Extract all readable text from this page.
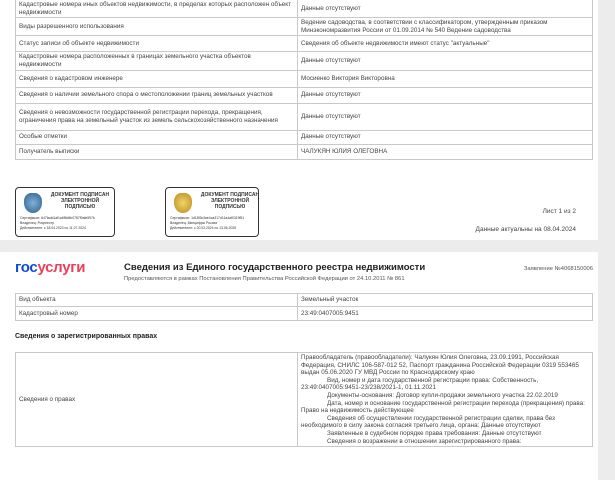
Кадастровые номера иных объектов недвижимости, в пределах которых расположен объект недвижимости	Данные отсутствуют
Виды разрешенного использования	Ведение садоводства, в соответствии с классификатором, утвержденным приказом Минэкономразвития России от 01.09.2014 № 540 Ведение садоводства
Статус записи об объекте недвижимости	Сведения об объекте недвижимости имеют статус "актуальные"
Кадастровые номера расположенных в границах земельного участка объектов недвижимости	Данные отсутствуют
Сведения о кадастровом инженере	Мосиенко Виктория Викторовна
Сведения о наличии земельного спора о местоположении границ земельных участков	Данные отсутствуют
Сведения о невозможности государственной регистрации перехода, прекращения, ограничения права на земельный участок из земель сельскохозяйственного назначения	Данные отсутствуют
Особые отметки	Данные отсутствуют
Получатель выписки	ЧАЛУКЯН ЮЛИЯ ОЛЕГОВНА
ДОКУМЕНТ ПОДПИСАН ЭЛЕКТРОННОЙ ПОДПИСЬЮ
Сертификат: 647fadd1af1a6f5d6b0787f9afe597b
Владелец: Росреестр
Действителен: с 18.04.2023 по 11.07.2024
ДОКУМЕНТ ПОДПИСАН ЭЛЕКТРОННОЙ ПОДПИСЬЮ
Сертификат: 1d18f3c3ae4ca317d11a4af0319f51
Владелец: Минцифры России
Действителен: с 20.03.2024 по 13.06.2025
Лист 1 из 2
Данные актуальны на 08.04.2024
госуслуги	Сведения из Единого государственного реестра недвижимости
Предоставляются в рамках Постановления Правительства Российской Федерации от 24.10.2011 № 861
Заявление №4068150006
Вид объекта	Земельный участок
Кадастровый номер	23:49:0407005:9451
Сведения о зарегистрированных правах
Сведения о правах	

Правообладатель (правообладатели): Чалукян Юлия Олеговна, 23.09.1991, Российская Федерация, СНИЛС 106-587-012 52, Паспорт гражданина Российской Федерации 0319 553465 выдан 05.06.2020 ГУ МВД России по Краснодарскому краю

Вид, номер и дата государственной регистрации права: Собственность, 23:49:0407005:9451-23/238/2021-1, 01.11.2021

Документы-основания: Договор купли-продажи земельного участка 22.02.2019

Дата, номер и основание государственной регистрации перехода (прекращения) права: Право на недвижимость действующее

Сведения об осуществлении государственной регистрации сделки, права без необходимого в силу закона согласия третьего лица, органа: Данные отсутствуют

Заявленные в судебном порядке права требования: Данные отсутствуют

Сведения о возражении в отношении зарегистрированного права:
